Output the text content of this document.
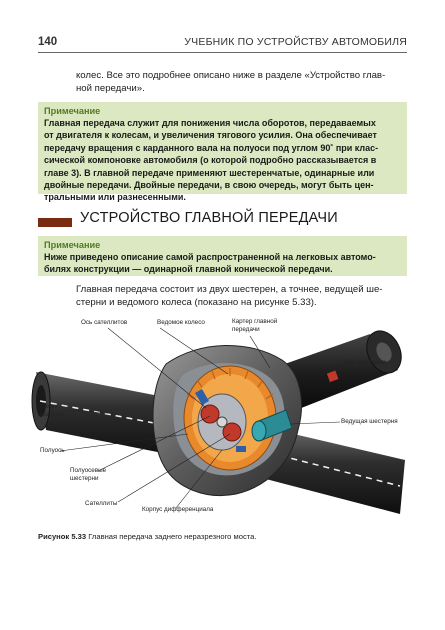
140	УЧЕБНИК ПО УСТРОЙСТВУ АВТОМОБИЛЯ
колес. Все это подробнее описано ниже в разделе «Устройство глав-
ной передачи».
Примечание
Главная передача служит для понижения числа оборотов, передаваемых
от двигателя к колесам, и увеличения тягового усилия. Она обеспечивает
передачу вращения с карданного вала на полуоси под углом 90˚ при клас-
сической компоновке автомобиля (о которой подробно рассказывается в
главе 3). В главной передаче применяют шестеренчатые, одинарные или
двойные передачи. Двойные передачи, в свою очередь, могут быть цен-
тральными или разнесенными.
УСТРОЙСТВО ГЛАВНОЙ ПЕРЕДАЧИ
Примечание
Ниже приведено описание самой распространенной на легковых автомо-
билях конструкции — одинарной главной конической передачи.
Главная передача состоит из двух шестерен, а точнее, ведущей ше-
стерни и ведомого колеса (показано на рисунке 5.33).
Ось сателлитов	Ведомое колесо	Картер главной
передачи
Вал шестерни
Кожух
полуоси
Ведущая шестерня
Полуось
Полуосевые
шестерни
Сателлиты
Корпус дифференциала
Рисунок 5.33 Главная передача заднего неразрезного моста.
